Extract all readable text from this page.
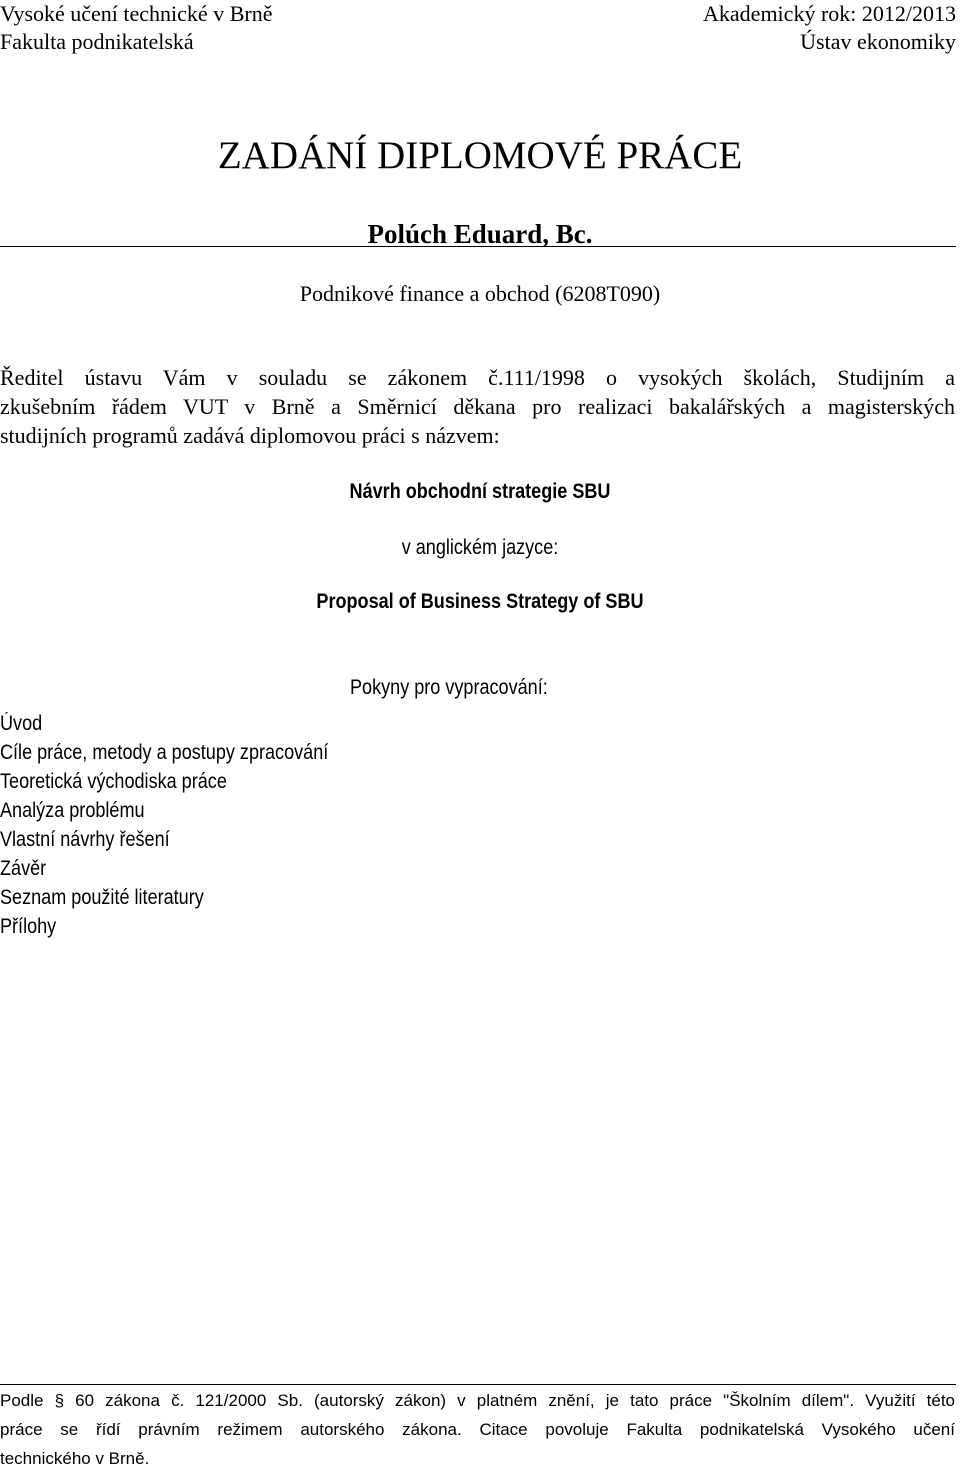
Vysoké učení technické v Brně
Fakulta podnikatelská
Akademický rok: 2012/2013
Ústav ekonomiky
ZADÁNÍ DIPLOMOVÉ PRÁCE
Polúch Eduard, Bc.
Podnikové finance a obchod (6208T090)
Ředitel ústavu Vám v souladu se zákonem č.111/1998 o vysokých školách, Studijním a
zkušebním řádem VUT v Brně a Směrnicí děkana pro realizaci bakalářských a magisterských
studijních programů zadává diplomovou práci s názvem:
Návrh obchodní strategie SBU
v anglickém jazyce:
Proposal of Business Strategy of SBU
Pokyny pro vypracování:
Úvod
Cíle práce, metody a postupy zpracování
Teoretická východiska práce
Analýza problému
Vlastní návrhy řešení
Závěr
Seznam použité literatury
Přílohy
Podle § 60 zákona č. 121/2000 Sb. (autorský zákon) v platném znění, je tato práce "Školním dílem". Využití této
práce se řídí právním režimem autorského zákona. Citace povoluje Fakulta podnikatelská Vysokého učení
technického v Brně.
